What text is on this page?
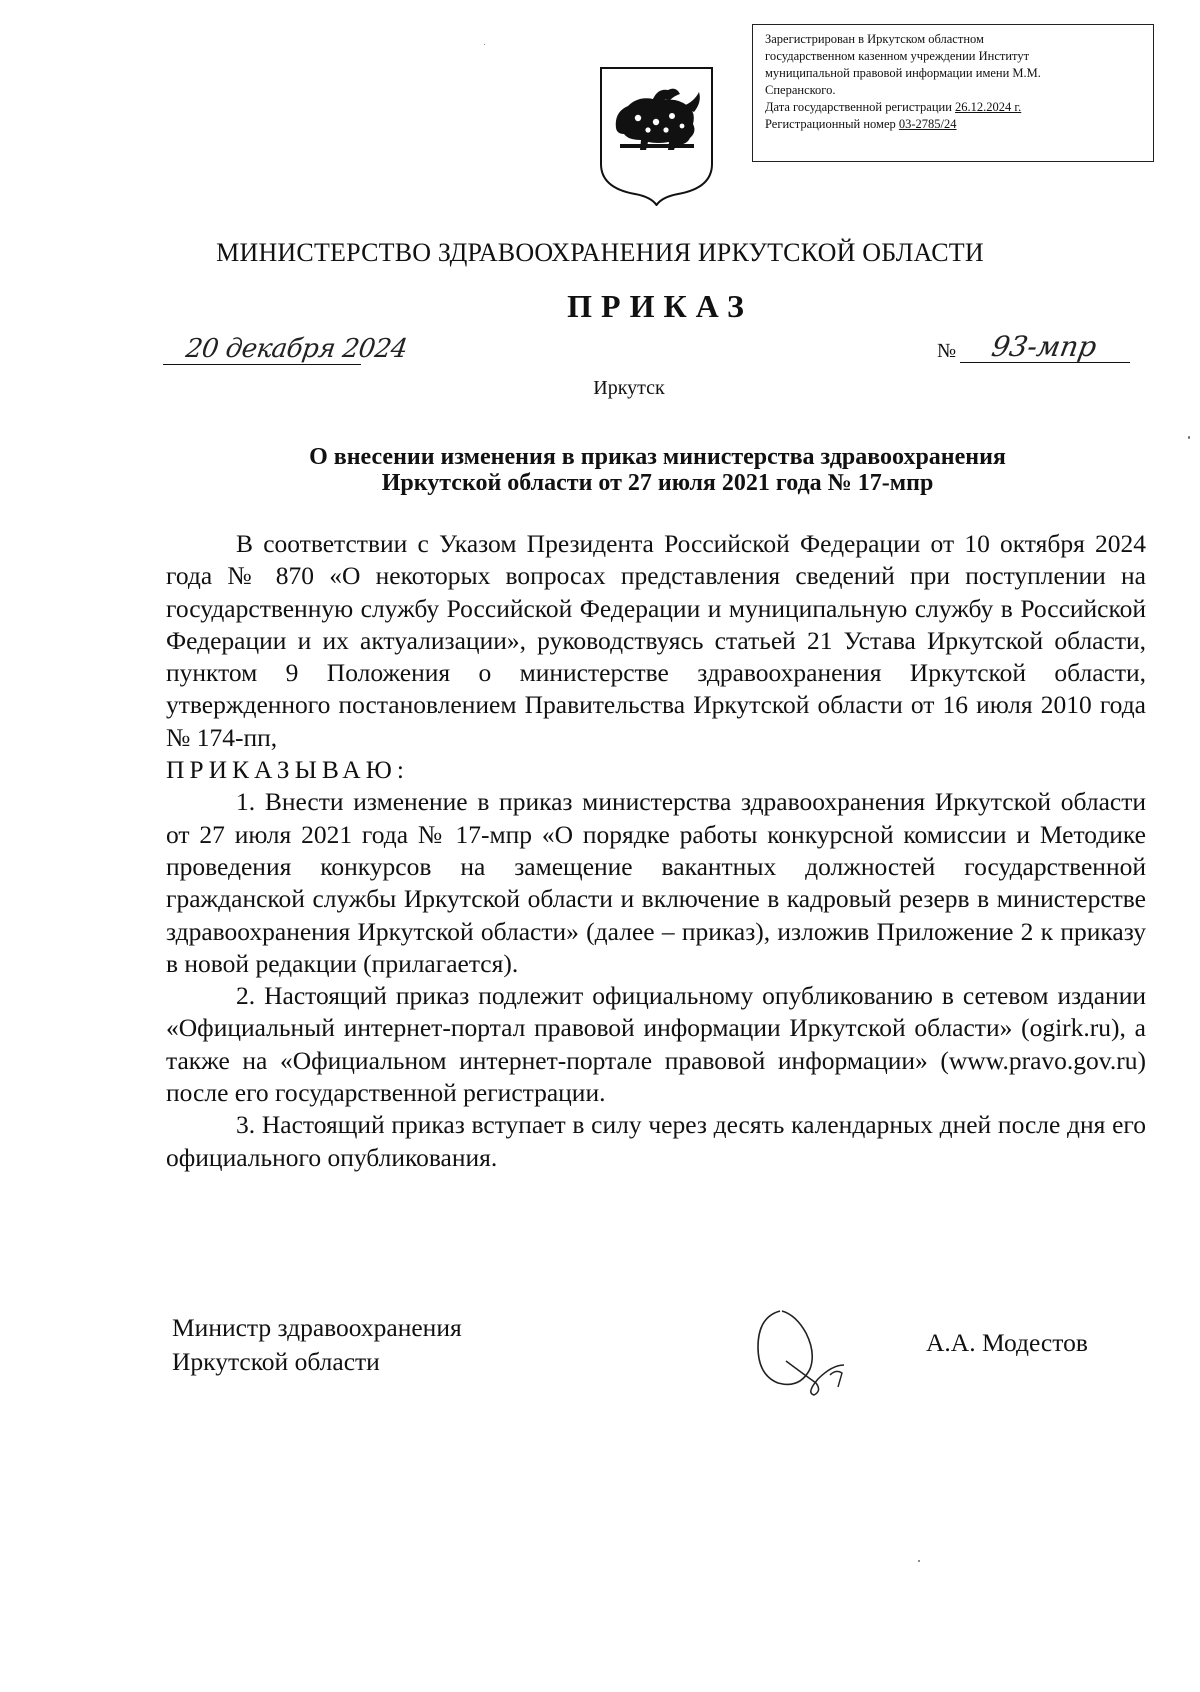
Зарегистрирован в Иркутском областном
государственном казенном учреждении Институт
муниципальной правовой информации имени М.М.
Сперанского.
Дата государственной регистрации 26.12.2024 г.
Регистрационный номер 03-2785/24
МИНИСТЕРСТВО ЗДРАВООХРАНЕНИЯ ИРКУТСКОЙ ОБЛАСТИ
ПРИКАЗ
20 декабря 2024	№ 93-мпр
Иркутск
О внесении изменения в приказ министерства здравоохранения
Иркутской области от 27 июля 2021 года № 17-мпр

В соответствии с Указом Президента Российской Федерации от 10 октября 2024 года № 870 «О некоторых вопросах представления сведений при поступлении на государственную службу Российской Федерации и муниципальную службу в Российской Федерации и их актуализации», руководствуясь статьей 21 Устава Иркутской области, пунктом 9 Положения о министерстве здравоохранения Иркутской области, утвержденного постановлением Правительства Иркутской области от 16 июля 2010 года № 174-пп,

ПРИКАЗЫВАЮ:

1. Внести изменение в приказ министерства здравоохранения Иркутской области от 27 июля 2021 года № 17-мпр «О порядке работы конкурсной комиссии и Методике проведения конкурсов на замещение вакантных должностей государственной гражданской службы Иркутской области и включение в кадровый резерв в министерстве здравоохранения Иркутской области» (далее – приказ), изложив Приложение 2 к приказу в новой редакции (прилагается).

2. Настоящий приказ подлежит официальному опубликованию в сетевом издании «Официальный интернет-портал правовой информации Иркутской области» (ogirk.ru), а также на «Официальном интернет-портале правовой информации» (www.pravo.gov.ru) после его государственной регистрации.

3. Настоящий приказ вступает в силу через десять календарных дней после дня его официального опубликования.

Министр здравоохранения
Иркутской области
А.А. Модестов
